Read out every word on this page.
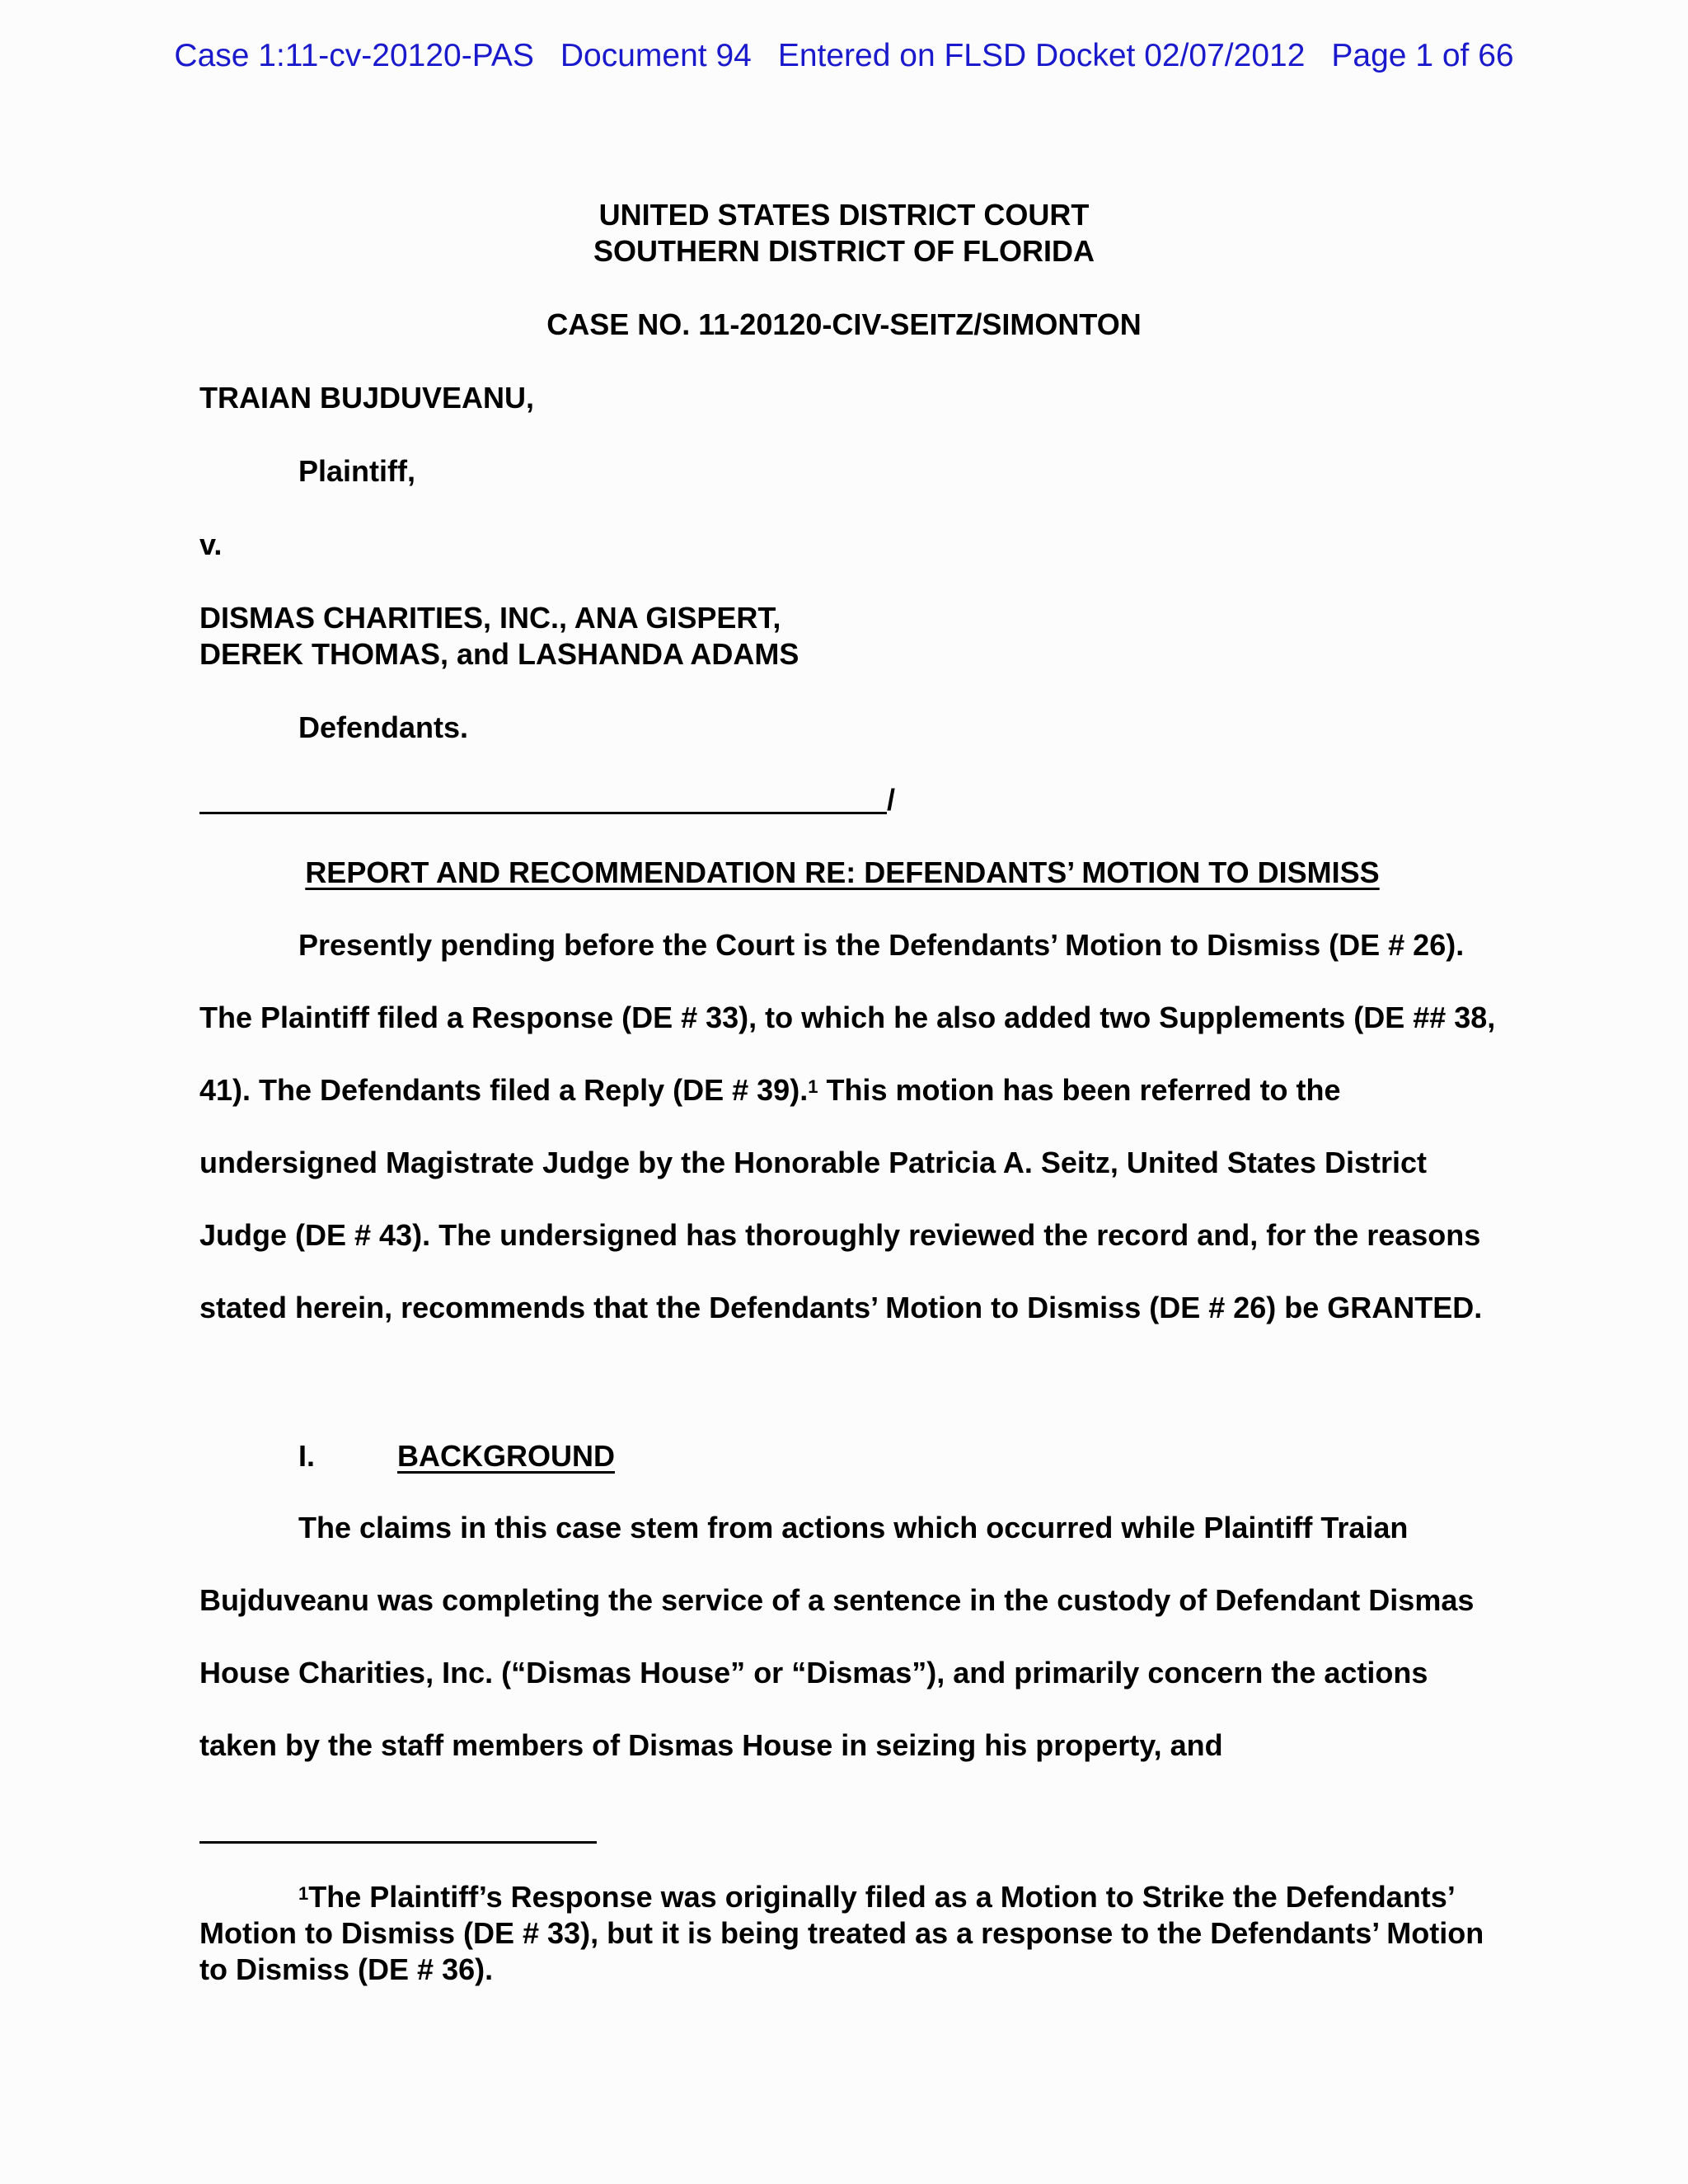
Case 1:11-cv-20120-PAS Document 94 Entered on FLSD Docket 02/07/2012 Page 1 of 66
UNITED STATES DISTRICT COURT
SOUTHERN DISTRICT OF FLORIDA
CASE NO. 11-20120-CIV-SEITZ/SIMONTON
TRAIAN BUJDUVEANU,
Plaintiff,
v.
DISMAS CHARITIES, INC., ANA GISPERT,
DEREK THOMAS, and LASHANDA ADAMS
Defendants.
/
REPORT AND RECOMMENDATION RE: DEFENDANTS’ MOTION TO DISMISS
Presently pending before the Court is the Defendants’ Motion to Dismiss (DE # 26). The Plaintiff filed a Response (DE # 33), to which he also added two Supplements (DE ## 38, 41). The Defendants filed a Reply (DE # 39).$^1$ This motion has been referred to the undersigned Magistrate Judge by the Honorable Patricia A. Seitz, United States District Judge (DE # 43). The undersigned has thoroughly reviewed the record and, for the reasons stated herein, recommends that the Defendants’ Motion to Dismiss (DE # 26) be GRANTED.
I.	BACKGROUND
The claims in this case stem from actions which occurred while Plaintiff Traian Bujduveanu was completing the service of a sentence in the custody of Defendant Dismas House Charities, Inc. (“Dismas House” or “Dismas”), and primarily concern the actions taken by the staff members of Dismas House in seizing his property, and
$^1$The Plaintiff’s Response was originally filed as a Motion to Strike the Defendants’ Motion to Dismiss (DE # 33), but it is being treated as a response to the Defendants’ Motion to Dismiss (DE # 36).
